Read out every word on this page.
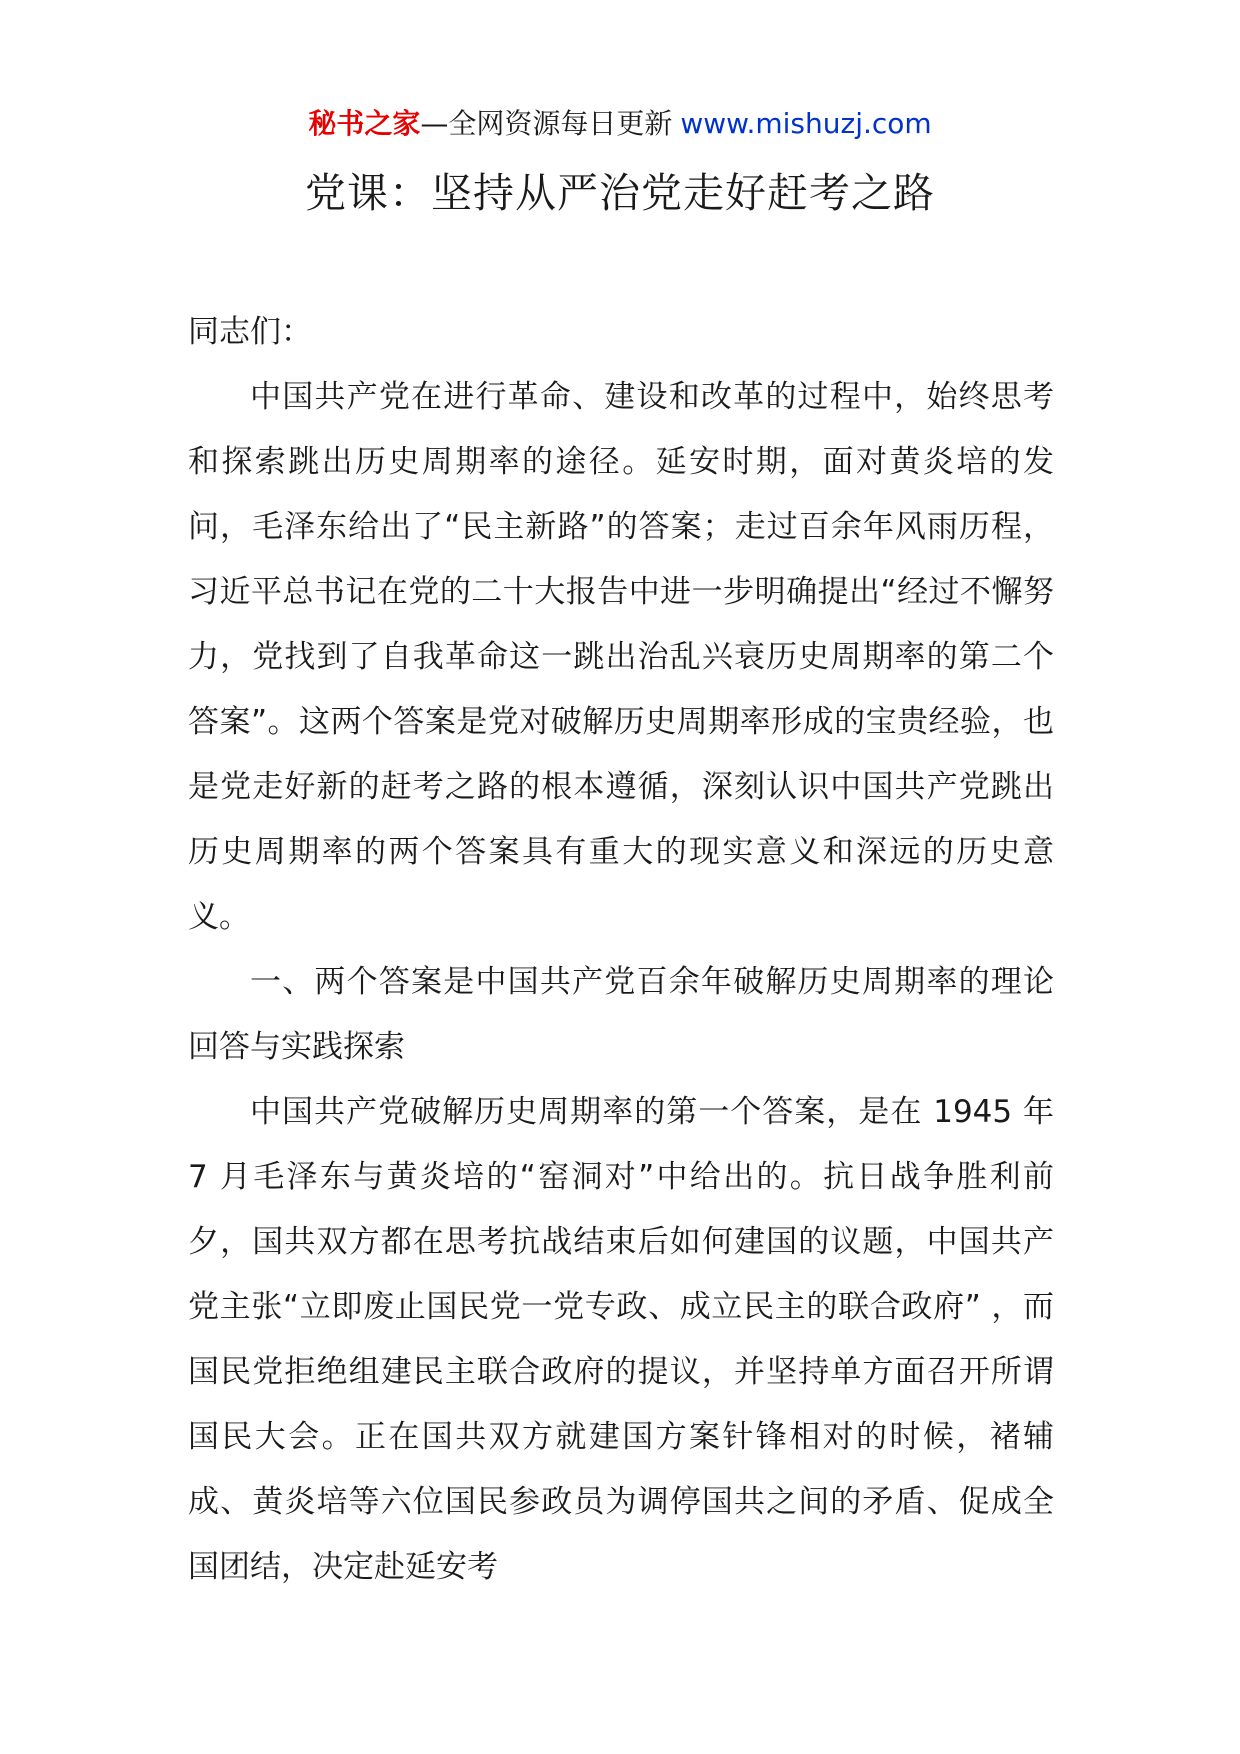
秘书之家—全网资源每日更新 www.mishuzj.com
党课：坚持从严治党走好赶考之路

同志们：

中国共产党在进行革命、建设和改革的过程中，始终思考和探索跳出历史周期率的途径。延安时期，面对黄炎培的发问，毛泽东给出了“民主新路”的答案；走过百余年风雨历程，习近平总书记在党的二十大报告中进一步明确提出“经过不懈努力，党找到了自我革命这一跳出治乱兴衰历史周期率的第二个答案”。这两个答案是党对破解历史周期率形成的宝贵经验，也是党走好新的赶考之路的根本遵循，深刻认识中国共产党跳出历史周期率的两个答案具有重大的现实意义和深远的历史意义。

一、两个答案是中国共产党百余年破解历史周期率的理论回答与实践探索

中国共产党破解历史周期率的第一个答案，是在 1945 年 7 月毛泽东与黄炎培的“窑洞对”中给出的。抗日战争胜利前夕，国共双方都在思考抗战结束后如何建国的议题，中国共产党主张“立即废止国民党一党专政、成立民主的联合政府” ，而国民党拒绝组建民主联合政府的提议，并坚持单方面召开所谓国民大会。正在国共双方就建国方案针锋相对的时候，褚辅成、黄炎培等六位国民参政员为调停国共之间的矛盾、促成全国团结，决定赴延安考
